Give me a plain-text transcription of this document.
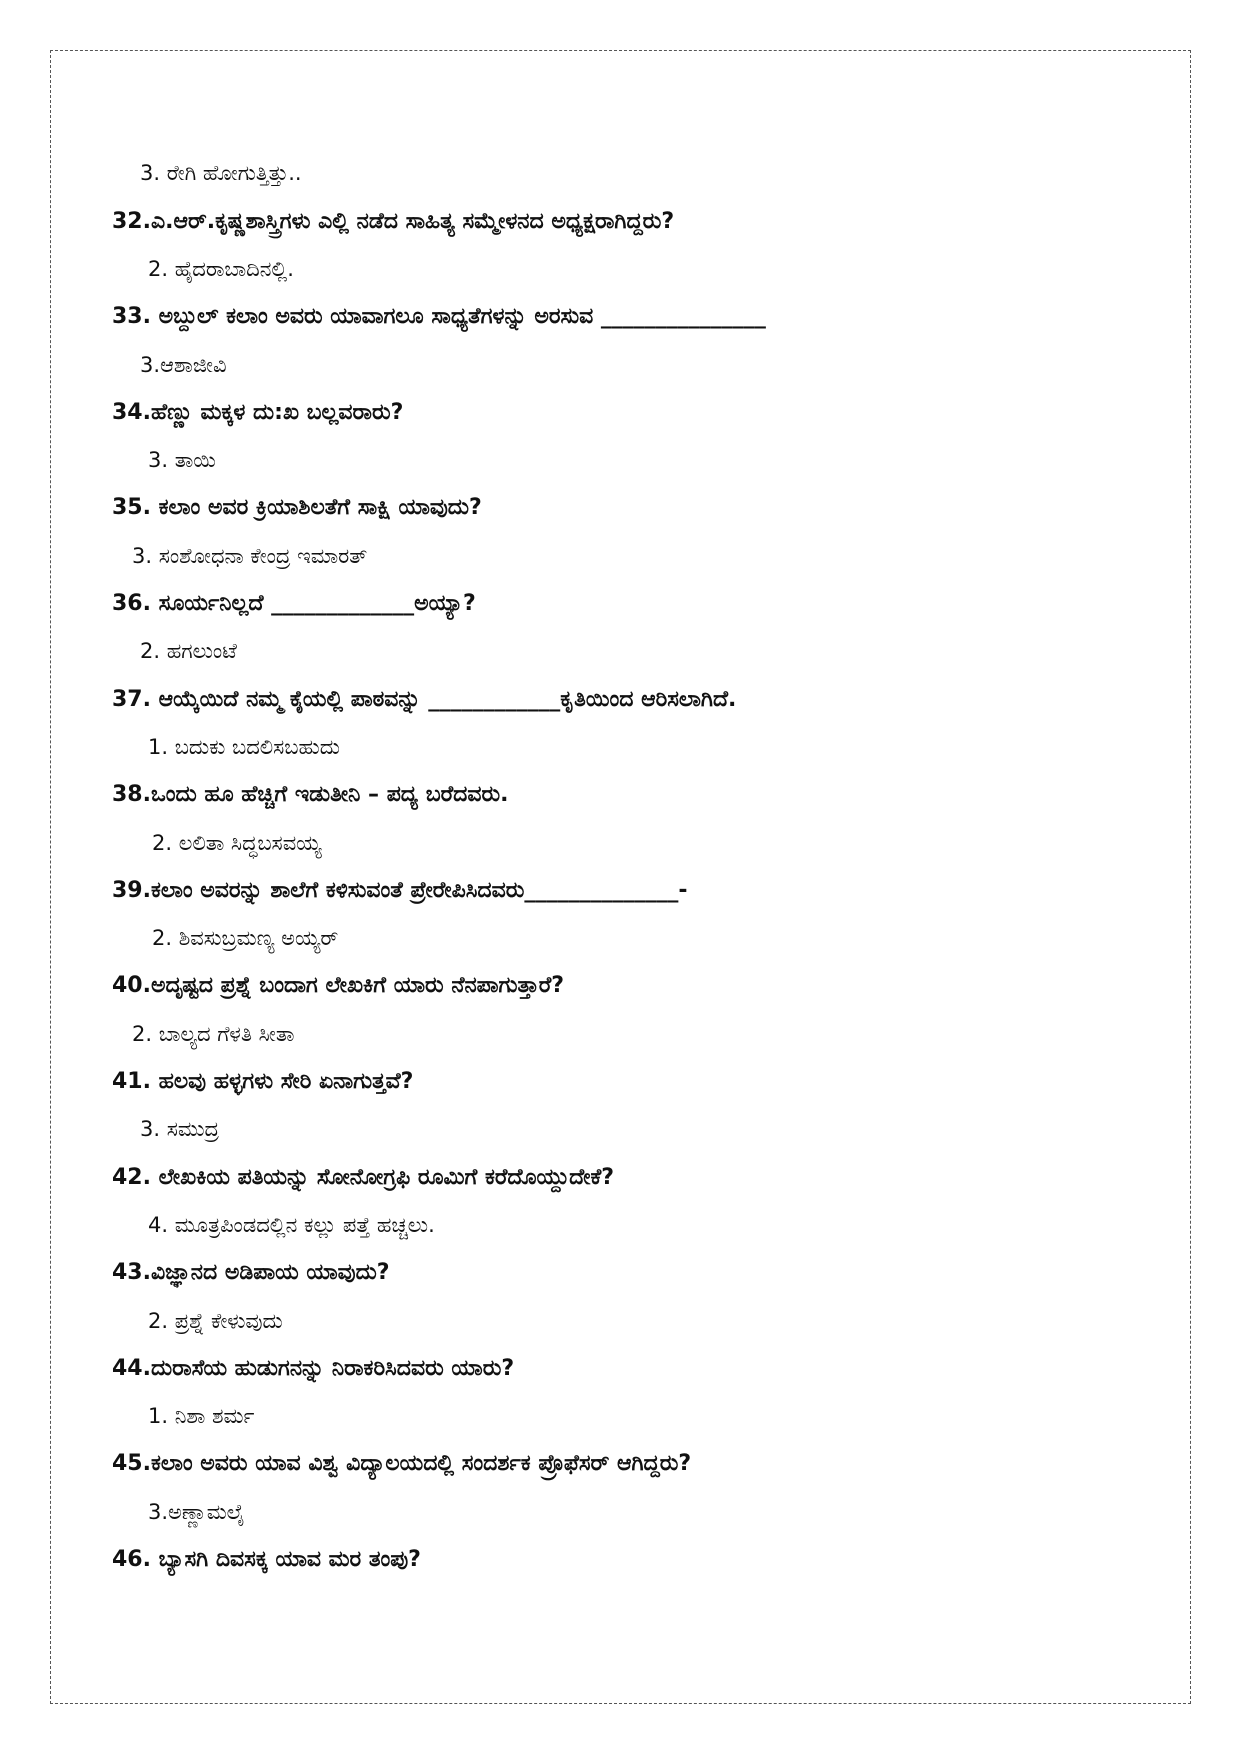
3. ರೇಗಿ ಹೋಗುತ್ತಿತ್ತು..
32.ಎ.ಆರ್.ಕೃಷ್ಣಶಾಸ್ತ್ರಿಗಳು ಎಲ್ಲಿ ನಡೆದ ಸಾಹಿತ್ಯ ಸಮ್ಮೇಳನದ ಅಧ್ಯಕ್ಷರಾಗಿದ್ದರು?
2. ಹೈದರಾಬಾದಿನಲ್ಲಿ.
33. ಅಬ್ದುಲ್ ಕಲಾಂ ಅವರು ಯಾವಾಗಲೂ ಸಾಧ್ಯತೆಗಳನ್ನು ಅರಸುವ _______________
3.ಆಶಾಜೀವಿ
34.ಹೆಣ್ಣು ಮಕ್ಕಳ ದು:ಖ ಬಲ್ಲವರಾರು?
3. ತಾಯಿ
35. ಕಲಾಂ ಅವರ ಕ್ರಿಯಾಶಿಲತೆಗೆ ಸಾಕ್ಷಿ ಯಾವುದು?
3. ಸಂಶೋಧನಾ ಕೇಂದ್ರ ಇಮಾರತ್
36. ಸೂರ್ಯನಿಲ್ಲದೆ _____________ಅಯ್ಯಾ?
2. ಹಗಲುಂಟೆ
37. ಆಯ್ಕೆಯಿದೆ ನಮ್ಮ ಕೈಯಲ್ಲಿ ಪಾಠವನ್ನು ____________ಕೃತಿಯಿಂದ ಆರಿಸಲಾಗಿದೆ.
1. ಬದುಕು ಬದಲಿಸಬಹುದು
38.ಒಂದು ಹೂ ಹೆಚ್ಚಿಗೆ ಇಡುತೀನಿ – ಪದ್ಯ ಬರೆದವರು.
2. ಲಲಿತಾ ಸಿದ್ಧಬಸವಯ್ಯ
39.ಕಲಾಂ ಅವರನ್ನು ಶಾಲೆಗೆ ಕಳಿಸುವಂತೆ ಪ್ರೇರೇಪಿಸಿದವರು______________-
2. ಶಿವಸುಬ್ರಮಣ್ಯ ಅಯ್ಯರ್
40.ಅದೃಷ್ಟದ ಪ್ರಶ್ನೆ ಬಂದಾಗ ಲೇಖಕಿಗೆ ಯಾರು ನೆನಪಾಗುತ್ತಾರೆ?
2. ಬಾಲ್ಯದ ಗೆಳತಿ ಸೀತಾ
41. ಹಲವು ಹಳ್ಳಗಳು ಸೇರಿ ಏನಾಗುತ್ತವೆ?
3. ಸಮುದ್ರ
42. ಲೇಖಕಿಯ ಪತಿಯನ್ನು ಸೋನೋಗ್ರಫಿ ರೂಮಿಗೆ ಕರೆದೊಯ್ದುದೇಕೆ?
4. ಮೂತ್ರಪಿಂಡದಲ್ಲಿನ ಕಲ್ಲು ಪತ್ತೆ ಹಚ್ಚಲು.
43.ವಿಜ್ಞಾನದ ಅಡಿಪಾಯ ಯಾವುದು?
2. ಪ್ರಶ್ನೆ ಕೇಳುವುದು
44.ದುರಾಸೆಯ ಹುಡುಗನನ್ನು ನಿರಾಕರಿಸಿದವರು ಯಾರು?
1. ನಿಶಾ ಶರ್ಮ
45.ಕಲಾಂ ಅವರು ಯಾವ ವಿಶ್ವ ವಿದ್ಯಾಲಯದಲ್ಲಿ ಸಂದರ್ಶಕ ಪ್ರೊಫೆಸರ್ ಆಗಿದ್ದರು?
3.ಅಣ್ಣಾಮಲೈ
46. ಬ್ಯಾಸಗಿ ದಿವಸಕ್ಕ ಯಾವ ಮರ ತಂಪು?
